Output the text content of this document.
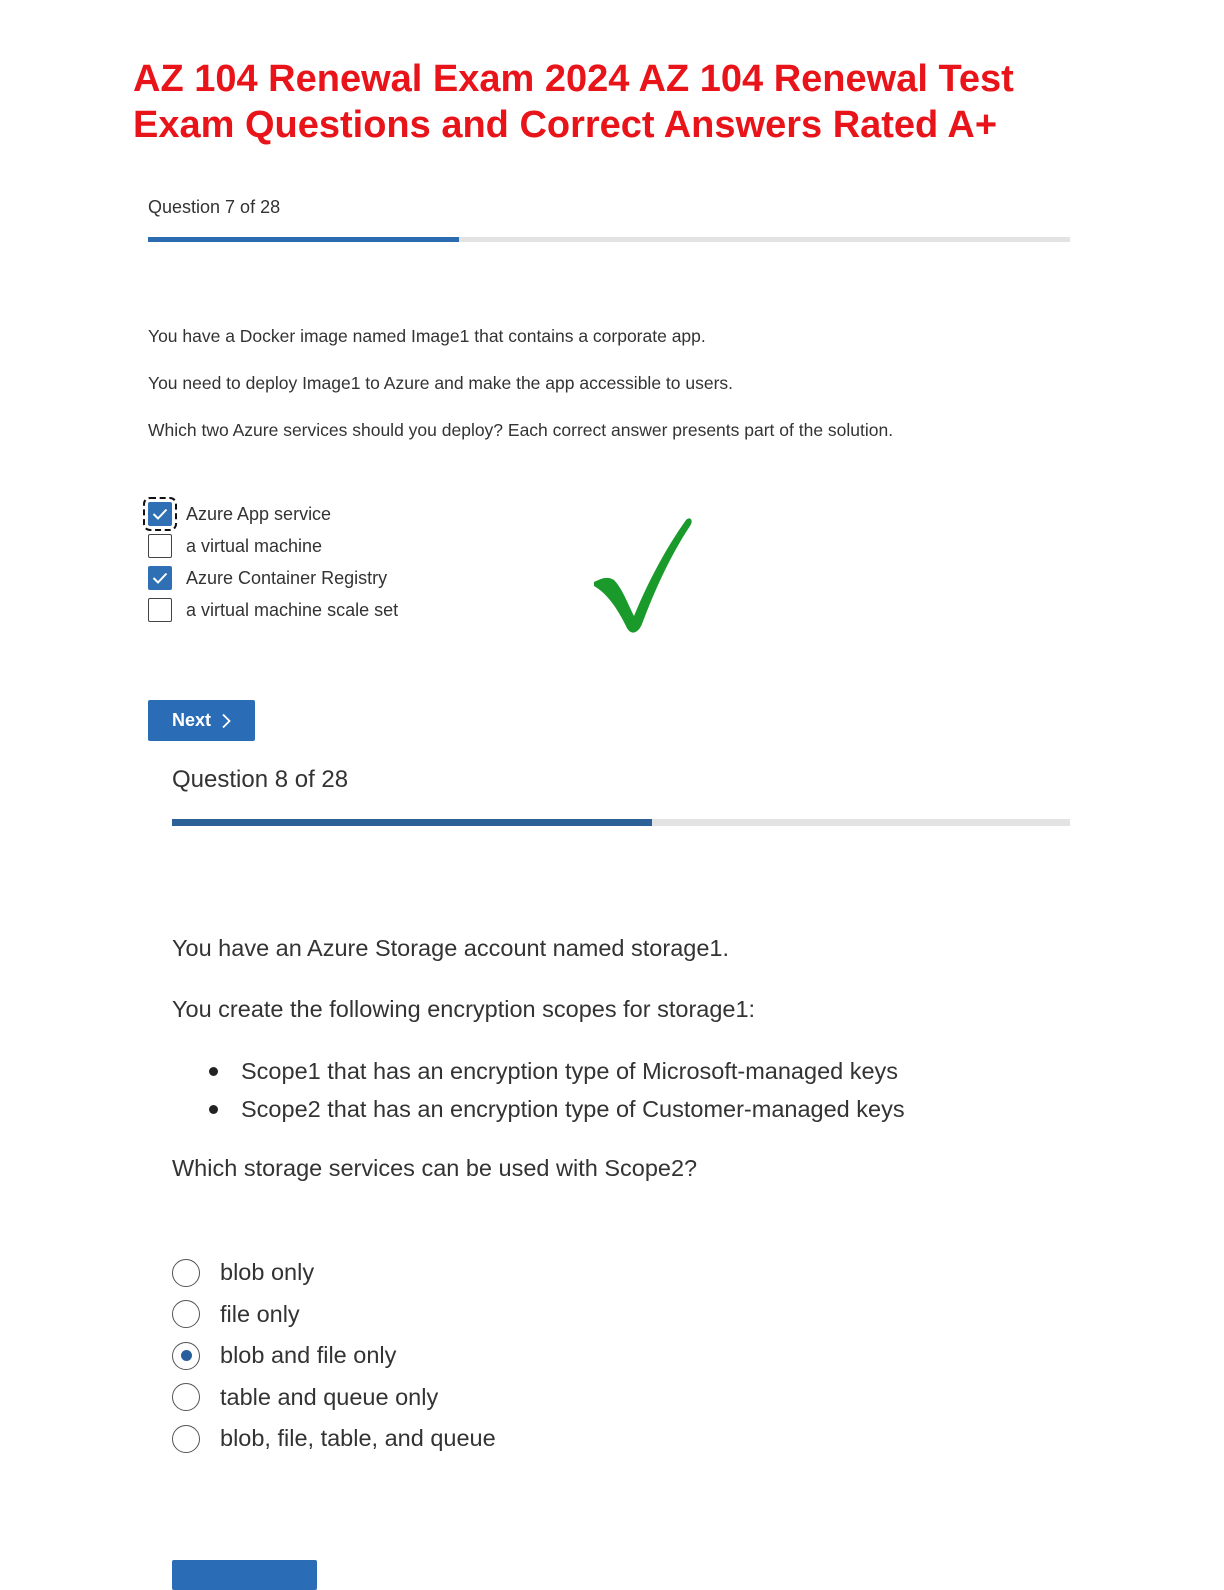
AZ 104 Renewal Exam 2024 AZ 104 Renewal Test
Exam Questions and Correct Answers Rated A+
Question 7 of 28

You have a Docker image named Image1 that contains a corporate app.

You need to deploy Image1 to Azure and make the app accessible to users.

Which two Azure services should you deploy? Each correct answer presents part of the solution.

Azure App service
a virtual machine
Azure Container Registry
a virtual machine scale set
Next
Question 8 of 28

You have an Azure Storage account named storage1.

You create the following encryption scopes for storage1:

Scope1 that has an encryption type of Microsoft-managed keys
Scope2 that has an encryption type of Customer-managed keys

Which storage services can be used with Scope2?

blob only
file only
blob and file only
table and queue only
blob, file, table, and queue
